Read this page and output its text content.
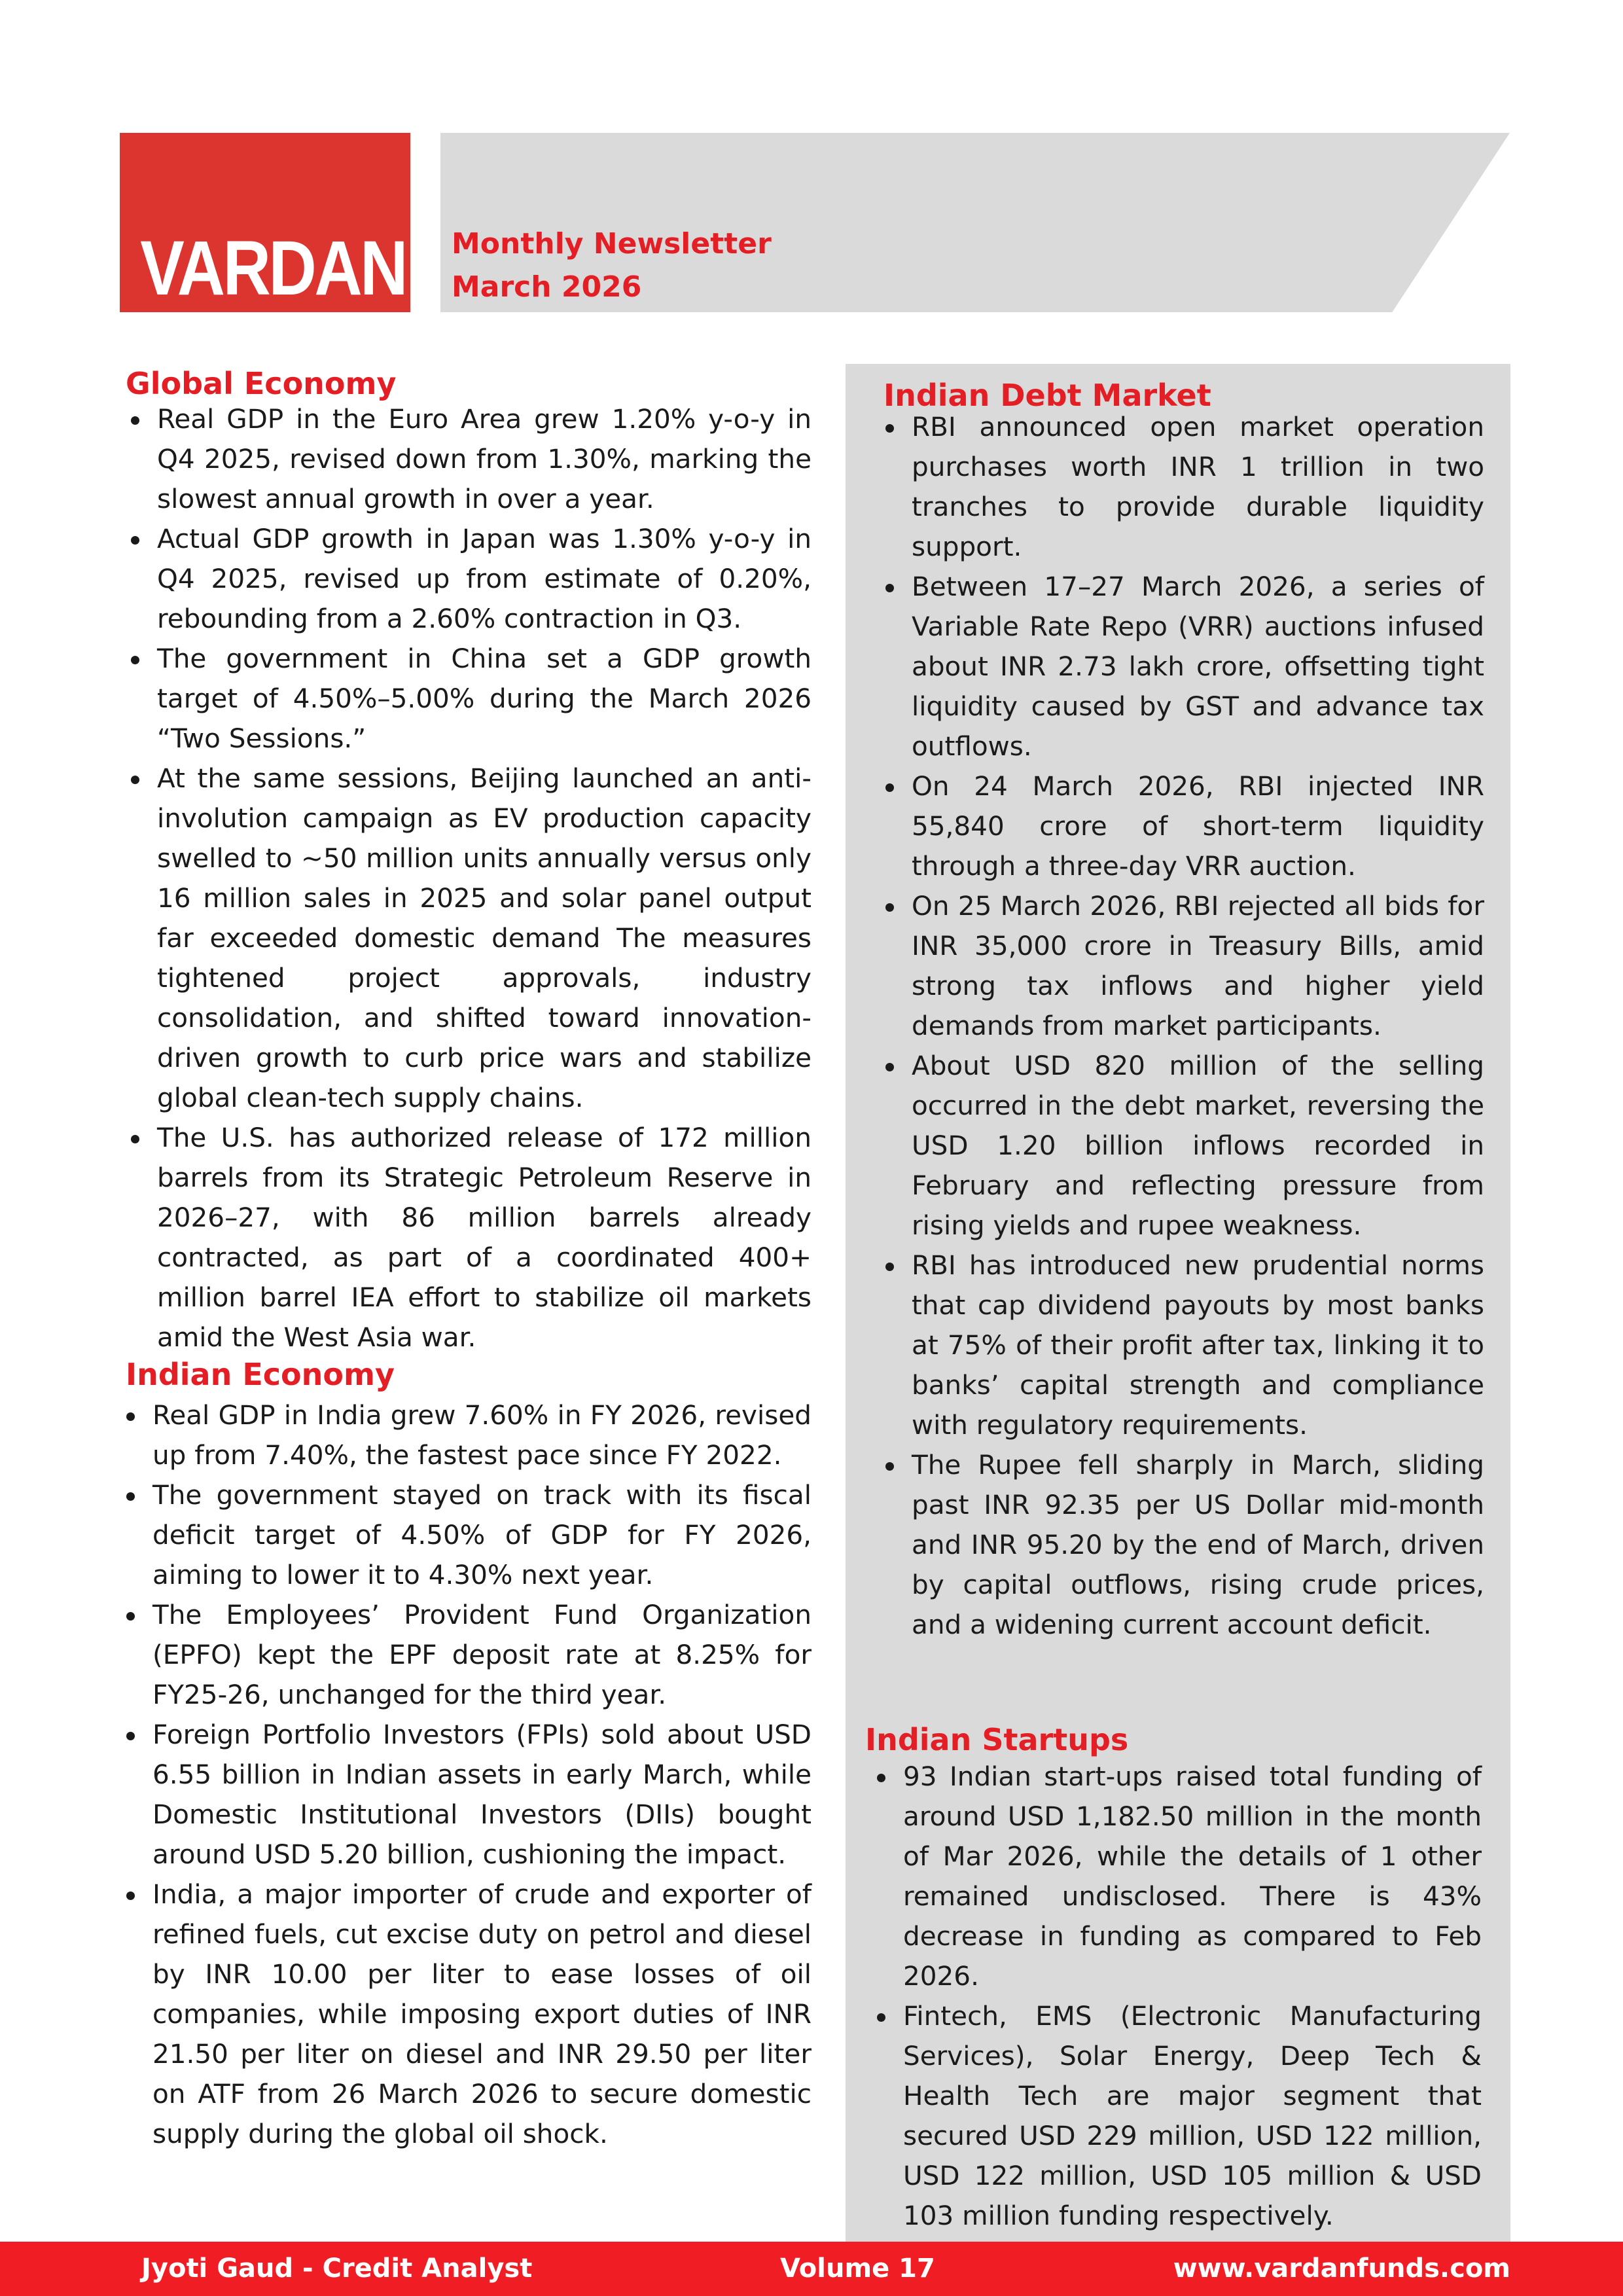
VARDAN Monthly Newsletter
March 2026
Global Economy
Real GDP in the Euro Area grew 1.20% y-o-y in Q4 2025, revised down from 1.30%, marking the slowest annual growth in over a year.
Actual GDP growth in Japan was 1.30% y-o-y in Q4 2025, revised up from estimate of 0.20%, rebounding from a 2.60% contraction in Q3.
The government in China set a GDP growth target of 4.50%–5.00% during the March 2026 “Two Sessions.”
At the same sessions, Beijing launched an anti-involution campaign as EV production capacity swelled to ~50 million units annually versus only 16 million sales in 2025 and solar panel output far exceeded domestic demand The measures tightened project approvals, industry consolidation, and shifted toward innovation-driven growth to curb price wars and stabilize global clean-tech supply chains.
The U.S. has authorized release of 172 million barrels from its Strategic Petroleum Reserve in 2026–27, with 86 million barrels already contracted, as part of a coordinated 400+ million barrel IEA effort to stabilize oil markets amid the West Asia war.
Indian Economy
Real GDP in India grew 7.60% in FY 2026, revised up from 7.40%, the fastest pace since FY 2022.
The government stayed on track with its fiscal deficit target of 4.50% of GDP for FY 2026, aiming to lower it to 4.30% next year.
The Employees’ Provident Fund Organization (EPFO) kept the EPF deposit rate at 8.25% for FY25-26, unchanged for the third year.
Foreign Portfolio Investors (FPIs) sold about USD 6.55 billion in Indian assets in early March, while Domestic Institutional Investors (DIIs) bought around USD 5.20 billion, cushioning the impact.
India, a major importer of crude and exporter of refined fuels, cut excise duty on petrol and diesel by INR 10.00 per liter to ease losses of oil companies, while imposing export duties of INR 21.50 per liter on diesel and INR 29.50 per liter on ATF from 26 March 2026 to secure domestic supply during the global oil shock.
Indian Debt Market
RBI announced open market operation purchases worth INR 1 trillion in two tranches to provide durable liquidity support.
Between 17–27 March 2026, a series of Variable Rate Repo (VRR) auctions infused about INR 2.73 lakh crore, offsetting tight liquidity caused by GST and advance tax outflows.
On 24 March 2026, RBI injected INR 55,840 crore of short-term liquidity through a three-day VRR auction.
On 25 March 2026, RBI rejected all bids for INR 35,000 crore in Treasury Bills, amid strong tax inflows and higher yield demands from market participants.
About USD 820 million of the selling occurred in the debt market, reversing the USD 1.20 billion inflows recorded in February and reflecting pressure from rising yields and rupee weakness.
RBI has introduced new prudential norms that cap dividend payouts by most banks at 75% of their profit after tax, linking it to banks’ capital strength and compliance with regulatory requirements.
The Rupee fell sharply in March, sliding past INR 92.35 per US Dollar mid-month and INR 95.20 by the end of March, driven by capital outflows, rising crude prices, and a widening current account deficit.
Indian Startups
93 Indian start-ups raised total funding of around USD 1,182.50 million in the month of Mar 2026, while the details of 1 other remained undisclosed. There is 43% decrease in funding as compared to Feb 2026.
Fintech, EMS (Electronic Manufacturing Services), Solar Energy, Deep Tech & Health Tech are major segment that secured USD 229 million, USD 122 million, USD 122 million, USD 105 million & USD 103 million funding respectively.
Jyoti Gaud - Credit Analyst	Volume 17	www.vardanfunds.com
